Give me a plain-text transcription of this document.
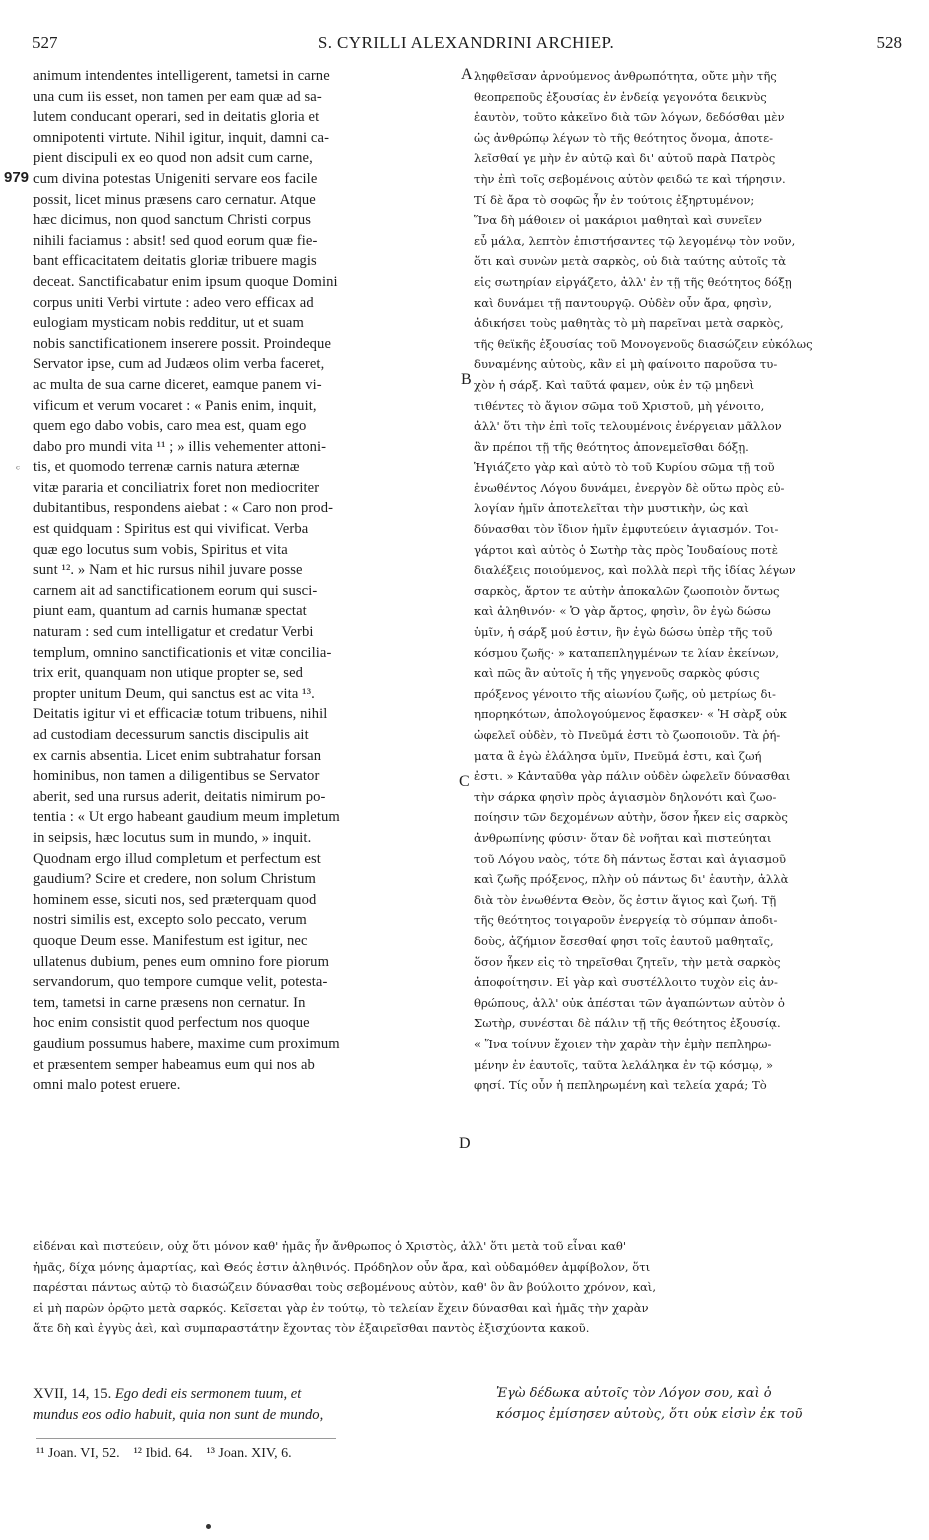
527	S. CYRILLI ALEXANDRINI ARCHIEP.	528
animum intendentes intelligerent, tametsi in carne
una cum iis esset, non tamen per eam quæ ad sa-
lutem conducant operari, sed in deitatis gloria et
omnipotenti virtute. Nihil igitur, inquit, damni ca-
pient discipuli ex eo quod non adsit cum carne,
cum divina potestas Unigeniti servare eos facile
possit, licet minus præsens caro cernatur. Atque
hæc dicimus, non quod sanctum Christi corpus
nihili faciamus : absit! sed quod eorum quæ fie-
bant efficacitatem deitatis gloriæ tribuere magis
deceat. Sanctificabatur enim ipsum quoque Domini
corpus uniti Verbi virtute : adeo vero efficax ad
eulogiam mysticam nobis redditur, ut et suam
nobis sanctificationem inserere possit. Proindeque
Servator ipse, cum ad Judæos olim verba faceret,
ac multa de sua carne diceret, eamque panem vi-
vificum et verum vocaret : « Panis enim, inquit,
quem ego dabo vobis, caro mea est, quam ego
dabo pro mundi vita ¹¹ ; » illis vehementer attoni-
tis, et quomodo terrenæ carnis natura æternæ
vitæ pararia et conciliatrix foret non mediocriter
dubitantibus, respondens aiebat : « Caro non prod-
est quidquam : Spiritus est qui vivificat. Verba
quæ ego locutus sum vobis, Spiritus et vita
sunt ¹². » Nam et hic rursus nihil juvare posse
carnem ait ad sanctificationem eorum qui susci-
piunt eam, quantum ad carnis humanæ spectat
naturam : sed cum intelligatur et credatur Verbi
templum, omnino sanctificationis et vitæ concilia-
trix erit, quanquam non utique propter se, sed
propter unitum Deum, qui sanctus est ac vita ¹³.
Deitatis igitur vi et efficaciæ totum tribuens, nihil
ad custodiam decessurum sanctis discipulis ait
ex carnis absentia. Licet enim subtrahatur forsan
hominibus, non tamen a diligentibus se Servator
aberit, sed una rursus aderit, deitatis nimirum po-
tentia : « Ut ergo habeant gaudium meum impletum
in seipsis, hæc locutus sum in mundo, » inquit.
Quodnam ergo illud completum et perfectum est
gaudium? Scire et credere, non solum Christum
hominem esse, sicuti nos, sed præterquam quod
nostri similis est, excepto solo peccato, verum
quoque Deum esse. Manifestum est igitur, nec
ullatenus dubium, penes eum omnino fore piorum
servandorum, quo tempore cumque velit, potesta-
tem, tametsi in carne præsens non cernatur. In
hoc enim consistit quod perfectum nos quoque
gaudium possumus habere, maxime cum proximum
et præsentem semper habeamus eum qui nos ab
omni malo potest eruere.
ληφθεῖσαν ἀρνούμενος ἀνθρωπότητα, οὔτε μὴν τῆς
θεοπρεποῦς ἐξουσίας ἐν ἐνδείᾳ γεγονότα δεικνὺς
ἑαυτὸν, τοῦτο κἀκεῖνο διὰ τῶν λόγων, δεδόσθαι μὲν
ὡς ἀνθρώπῳ λέγων τὸ τῆς θεότητος ὄνομα, ἀποτε-
λεῖσθαί γε μὴν ἐν αὐτῷ καὶ δι' αὐτοῦ παρὰ Πατρὸς
τὴν ἐπὶ τοῖς σεβομένοις αὐτὸν φειδώ τε καὶ τήρησιν.
Τί δὲ ἄρα τὸ σοφῶς ἦν ἐν τούτοις ἐξηρτυμένον;
Ἵνα δὴ μάθοιεν οἱ μακάριοι μαθηταὶ καὶ συνεῖεν
εὖ μάλα, λεπτὸν ἐπιστήσαντες τῷ λεγομένῳ τὸν νοῦν,
ὅτι καὶ συνὼν μετὰ σαρκὸς, οὐ διὰ ταύτης αὐτοῖς τὰ
εἰς σωτηρίαν εἰργάζετο, ἀλλ' ἐν τῇ τῆς θεότητος δόξῃ
καὶ δυνάμει τῇ παντουργῷ. Οὐδὲν οὖν ἄρα, φησὶν,
ἀδικήσει τοὺς μαθητὰς τὸ μὴ παρεῖναι μετὰ σαρκὸς,
τῆς θεϊκῆς ἐξουσίας τοῦ Μονογενοῦς διασώζειν εὐκόλως
δυναμένης αὐτοὺς, κἂν εἰ μὴ φαίνοιτο παροῦσα τυ-
χὸν ἡ σάρξ. Καὶ ταῦτά φαμεν, οὐκ ἐν τῷ μηδενὶ
τιθέντες τὸ ἅγιον σῶμα τοῦ Χριστοῦ, μὴ γένοιτο,
ἀλλ' ὅτι τὴν ἐπὶ τοῖς τελουμένοις ἐνέργειαν μᾶλλον
ἂν πρέποι τῇ τῆς θεότητος ἀπονεμεῖσθαι δόξῃ.
Ἡγιάζετο γὰρ καὶ αὐτὸ τὸ τοῦ Κυρίου σῶμα τῇ τοῦ
ἑνωθέντος Λόγου δυνάμει, ἐνεργὸν δὲ οὕτω πρὸς εὐ-
λογίαν ἡμῖν ἀποτελεῖται τὴν μυστικὴν, ὡς καὶ
δύνασθαι τὸν ἴδιον ἡμῖν ἐμφυτεύειν ἁγιασμόν. Τοι-
γάρτοι καὶ αὐτὸς ὁ Σωτὴρ τὰς πρὸς Ἰουδαίους ποτὲ
διαλέξεις ποιούμενος, καὶ πολλὰ περὶ τῆς ἰδίας λέγων
σαρκὸς, ἄρτον τε αὐτὴν ἀποκαλῶν ζωοποιὸν ὄντως
καὶ ἀληθινόν· « Ὁ γὰρ ἄρτος, φησὶν, ὃν ἐγὼ δώσω
ὑμῖν, ἡ σάρξ μού ἐστιν, ἣν ἐγὼ δώσω ὑπὲρ τῆς τοῦ
κόσμου ζωῆς· » καταπεπληγμένων τε λίαν ἐκείνων,
καὶ πῶς ἂν αὐτοῖς ἡ τῆς γηγενοῦς σαρκὸς φύσις
πρόξενος γένοιτο τῆς αἰωνίου ζωῆς, οὐ μετρίως δι-
ηπορηκότων, ἀπολογούμενος ἔφασκεν· « Ἡ σὰρξ οὐκ
ὠφελεῖ οὐδὲν, τὸ Πνεῦμά ἐστι τὸ ζωοποιοῦν. Τὰ ῥή-
ματα ἃ ἐγὼ ἐλάλησα ὑμῖν, Πνεῦμά ἐστι, καὶ ζωή
ἐστι. » Κἀνταῦθα γὰρ πάλιν οὐδὲν ὠφελεῖν δύνασθαι
τὴν σάρκα φησὶν πρὸς ἁγιασμὸν δηλονότι καὶ ζωο-
ποίησιν τῶν δεχομένων αὐτὴν, ὅσον ἧκεν εἰς σαρκὸς
ἀνθρωπίνης φύσιν· ὅταν δὲ νοῆται καὶ πιστεύηται
τοῦ Λόγου ναὸς, τότε δὴ πάντως ἔσται καὶ ἁγιασμοῦ
καὶ ζωῆς πρόξενος, πλὴν οὐ πάντως δι' ἑαυτὴν, ἀλλὰ
διὰ τὸν ἑνωθέντα Θεὸν, ὅς ἐστιν ἅγιος καὶ ζωή. Τῇ
τῆς θεότητος τοιγαροῦν ἐνεργείᾳ τὸ σύμπαν ἀποδι-
δοὺς, ἀζήμιον ἔσεσθαί φησι τοῖς ἑαυτοῦ μαθηταῖς,
ὅσον ἧκεν εἰς τὸ τηρεῖσθαι ζητεῖν, τὴν μετὰ σαρκὸς
ἀποφοίτησιν. Εἰ γὰρ καὶ συστέλλοιτο τυχὸν εἰς ἀν-
θρώπους, ἀλλ' οὐκ ἀπέσται τῶν ἀγαπώντων αὐτὸν ὁ
Σωτὴρ, συνέσται δὲ πάλιν τῇ τῆς θεότητος ἐξουσίᾳ.
« Ἵνα τοίνυν ἔχοιεν τὴν χαρὰν τὴν ἐμὴν πεπληρω-
μένην ἐν ἑαυτοῖς, ταῦτα λελάληκα ἐν τῷ κόσμῳ, »
φησί. Τίς οὖν ἡ πεπληρωμένη καὶ τελεία χαρά; Τὸ
A
B
C
D
979
ᶜ
εἰδέναι καὶ πιστεύειν, οὐχ ὅτι μόνον καθ' ἡμᾶς ἦν ἄνθρωπος ὁ Χριστὸς, ἀλλ' ὅτι μετὰ τοῦ εἶναι καθ'
ἡμᾶς, δίχα μόνης ἁμαρτίας, καὶ Θεός ἐστιν ἀληθινός. Πρόδηλον οὖν ἄρα, καὶ οὐδαμόθεν ἀμφίβολον, ὅτι
παρέσται πάντως αὐτῷ τὸ διασώζειν δύνασθαι τοὺς σεβομένους αὐτὸν, καθ' ὃν ἂν βούλοιτο χρόνον, καὶ,
εἰ μὴ παρὼν ὁρῷτο μετὰ σαρκός. Κεῖσεται γὰρ ἐν τούτῳ, τὸ τελείαν ἔχειν δύνασθαι καὶ ἡμᾶς τὴν χαρὰν
ἅτε δὴ καὶ ἐγγὺς ἀεὶ, καὶ συμπαραστάτην ἔχοντας τὸν ἐξαιρεῖσθαι παντὸς ἐξισχύοντα κακοῦ.
XVII, 14, 15. Ego dedi eis sermonem tuum, et
mundus eos odio habuit, quia non sunt de mundo,
Ἐγὼ δέδωκα αὐτοῖς τὸν Λόγον σου, καὶ ὁ
κόσμος ἐμίσησεν αὐτοὺς, ὅτι οὐκ εἰσὶν ἐκ τοῦ
¹¹ Joan. VI, 52. ¹² Ibid. 64. ¹³ Joan. XIV, 6.
